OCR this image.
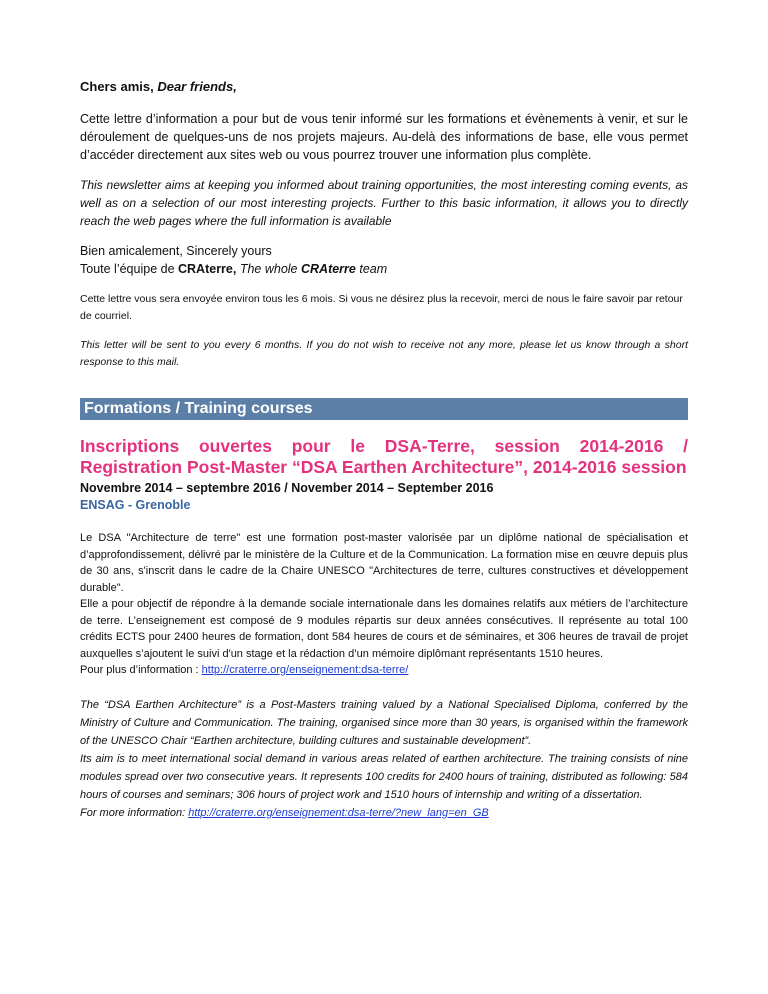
Chers amis, Dear friends,

Cette lettre d’information a pour but de vous tenir informé sur les formations et évènements à venir, et sur le déroulement de quelques-uns de nos projets majeurs. Au-delà des informations de base, elle vous permet d’accéder directement aux sites web ou vous pourrez trouver une information plus complète.

This newsletter aims at keeping you informed about training opportunities, the most interesting coming events, as well as on a selection of our most interesting projects. Further to this basic information, it allows you to directly reach the web pages where the full information is available

Bien amicalement, Sincerely yours
Toute l’équipe de CRAterre, The whole CRAterre team

Cette lettre vous sera envoyée environ tous les 6 mois. Si vous ne désirez plus la recevoir, merci de nous le faire savoir par retour de courriel.

This letter will be sent to you every 6 months. If you do not wish to receive not any more, please let us know through a short response to this mail.

Formations / Training courses
Inscriptions ouvertes pour le DSA-Terre, session 2014-2016 / Registration Post-Master “DSA Earthen Architecture”, 2014-2016 session
Novembre 2014 – septembre 2016 / November 2014 – September 2016
ENSAG - Grenoble
Le DSA "Architecture de terre" est une formation post-master valorisée par un diplôme national de spécialisation et d’approfondissement, délivré par le ministère de la Culture et de la Communication. La formation mise en œuvre depuis plus de 30 ans, s'inscrit dans le cadre de la Chaire UNESCO "Architectures de terre, cultures constructives et développement durable".
Elle a pour objectif de répondre à la demande sociale internationale dans les domaines relatifs aux métiers de l’architecture de terre. L’enseignement est composé de 9 modules répartis sur deux années consécutives. Il représente au total 100 crédits ECTS pour 2400 heures de formation, dont 584 heures de cours et de séminaires, et 306 heures de travail de projet auxquelles s’ajoutent le suivi d'un stage et la rédaction d’un mémoire diplômant représentants 1510 heures.
Pour plus d’information : http://craterre.org/enseignement:dsa-terre/
The “DSA Earthen Architecture” is a Post-Masters training valued by a National Specialised Diploma, conferred by the Ministry of Culture and Communication. The training, organised since more than 30 years, is organised within the framework of the UNESCO Chair “Earthen architecture, building cultures and sustainable development”.
Its aim is to meet international social demand in various areas related of earthen architecture. The training consists of nine modules spread over two consecutive years. It represents 100 credits for 2400 hours of training, distributed as following: 584 hours of courses and seminars; 306 hours of project work and 1510 hours of internship and writing of a dissertation.
For more information: http://craterre.org/enseignement:dsa-terre/?new_lang=en_GB
